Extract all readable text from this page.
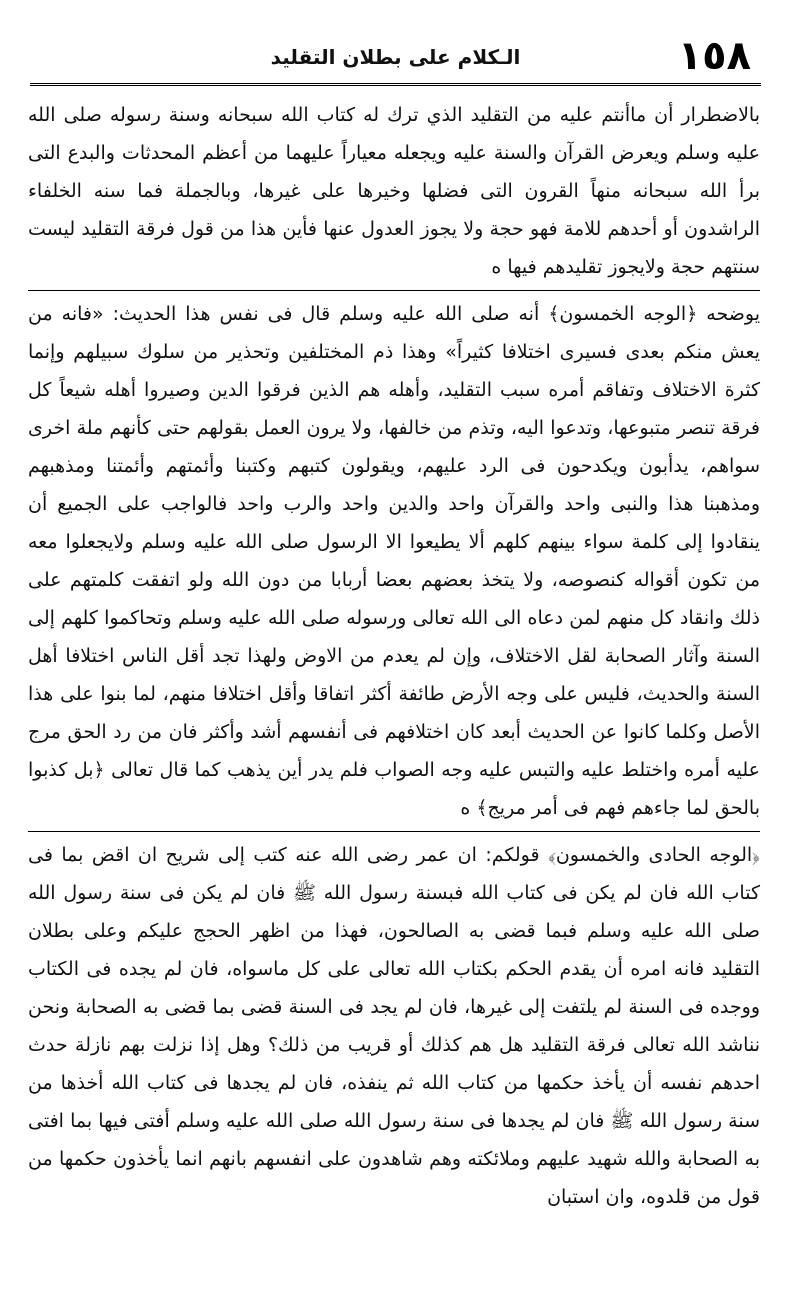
١٥٨
الـكلام على بطلان التقليد

بالاضطرار أن ماأنتم عليه من التقليد الذي ترك له كتاب الله سبحانه وسنة رسوله صلى الله عليه وسلم ويعرض القرآن والسنة عليه ويجعله معياراً عليهما من أعظم المحدثات والبدع التى برأ الله سبحانه منهاً القرون التى فضلها وخيرها على غيرها، وبالجملة فما سنه الخلفاء الراشدون أو أحدهم للامة فهو حجة ولا يجوز العدول عنها فأين هذا من قول فرقة التقليد ليست سنتهم حجة ولايجوز تقليدهم فيها ه

يوضحه ﴿الوجه الخمسون﴾ أنه صلى الله عليه وسلم قال فى نفس هذا الحديث: «فانه من يعش منكم بعدى فسيرى اختلافا كثيراً» وهذا ذم المختلفين وتحذير من سلوك سبيلهم وإنما كثرة الاختلاف وتفاقم أمره سبب التقليد، وأهله هم الذين فرقوا الدين وصيروا أهله شيعاً كل فرقة تنصر متبوعها، وتدعوا اليه، وتذم من خالفها، ولا يرون العمل بقولهم حتى كأنهم ملة اخرى سواهم، يدأبون ويكدحون فى الرد عليهم، ويقولون كتبهم وكتبنا وأئمتهم وأئمتنا ومذهبهم ومذهبنا هذا والنبى واحد والقرآن واحد والدين واحد والرب واحد فالواجب على الجميع أن ينقادوا إلى كلمة سواء بينهم كلهم ألا يطيعوا الا الرسول صلى الله عليه وسلم ولايجعلوا معه من تكون أقواله كنصوصه، ولا يتخذ بعضهم بعضا أربابا من دون الله ولو اتفقت كلمتهم على ذلك وانقاد كل منهم لمن دعاه الى الله تعالى ورسوله صلى الله عليه وسلم وتحاكموا كلهم إلى السنة وآثار الصحابة لقل الاختلاف، وإن لم يعدم من الاوض ولهذا تجد أقل الناس اختلافا أهل السنة والحديث، فليس على وجه الأرض طائفة أكثر اتفاقا وأقل اختلافا منهم، لما بنوا على هذا الأصل وكلما كانوا عن الحديث أبعد كان اختلافهم فى أنفسهم أشد وأكثر فان من رد الحق مرج عليه أمره واختلط عليه والتبس عليه وجه الصواب فلم يدر أين يذهب كما قال تعالى ﴿بل كذبوا بالحق لما جاءهم فهم فى أمر مريج﴾ ه

﴿الوجه الحادى والخمسون﴾ قولكم: ان عمر رضى الله عنه كتب إلى شريح ان اقض بما فى كتاب الله فان لم يكن فى كتاب الله فبسنة رسول الله ﷺ فان لم يكن فى سنة رسول الله صلى الله عليه وسلم فبما قضى به الصالحون، فهذا من اظهر الحجج عليكم وعلى بطلان التقليد فانه امره أن يقدم الحكم بكتاب الله تعالى على كل ماسواه، فان لم يجده فى الكتاب ووجده فى السنة لم يلتفت إلى غيرها، فان لم يجد فى السنة قضى بما قضى به الصحابة ونحن نناشد الله تعالى فرقة التقليد هل هم كذلك أو قريب من ذلك؟ وهل إذا نزلت بهم نازلة حدث احدهم نفسه أن يأخذ حكمها من كتاب الله ثم ينفذه، فان لم يجدها فى كتاب الله أخذها من سنة رسول الله ﷺ فان لم يجدها فى سنة رسول الله صلى الله عليه وسلم أفتى فيها بما افتى به الصحابة والله شهيد عليهم وملائكته وهم شاهدون على انفسهم بانهم انما يأخذون حكمها من قول من قلدوه، وان استبان
